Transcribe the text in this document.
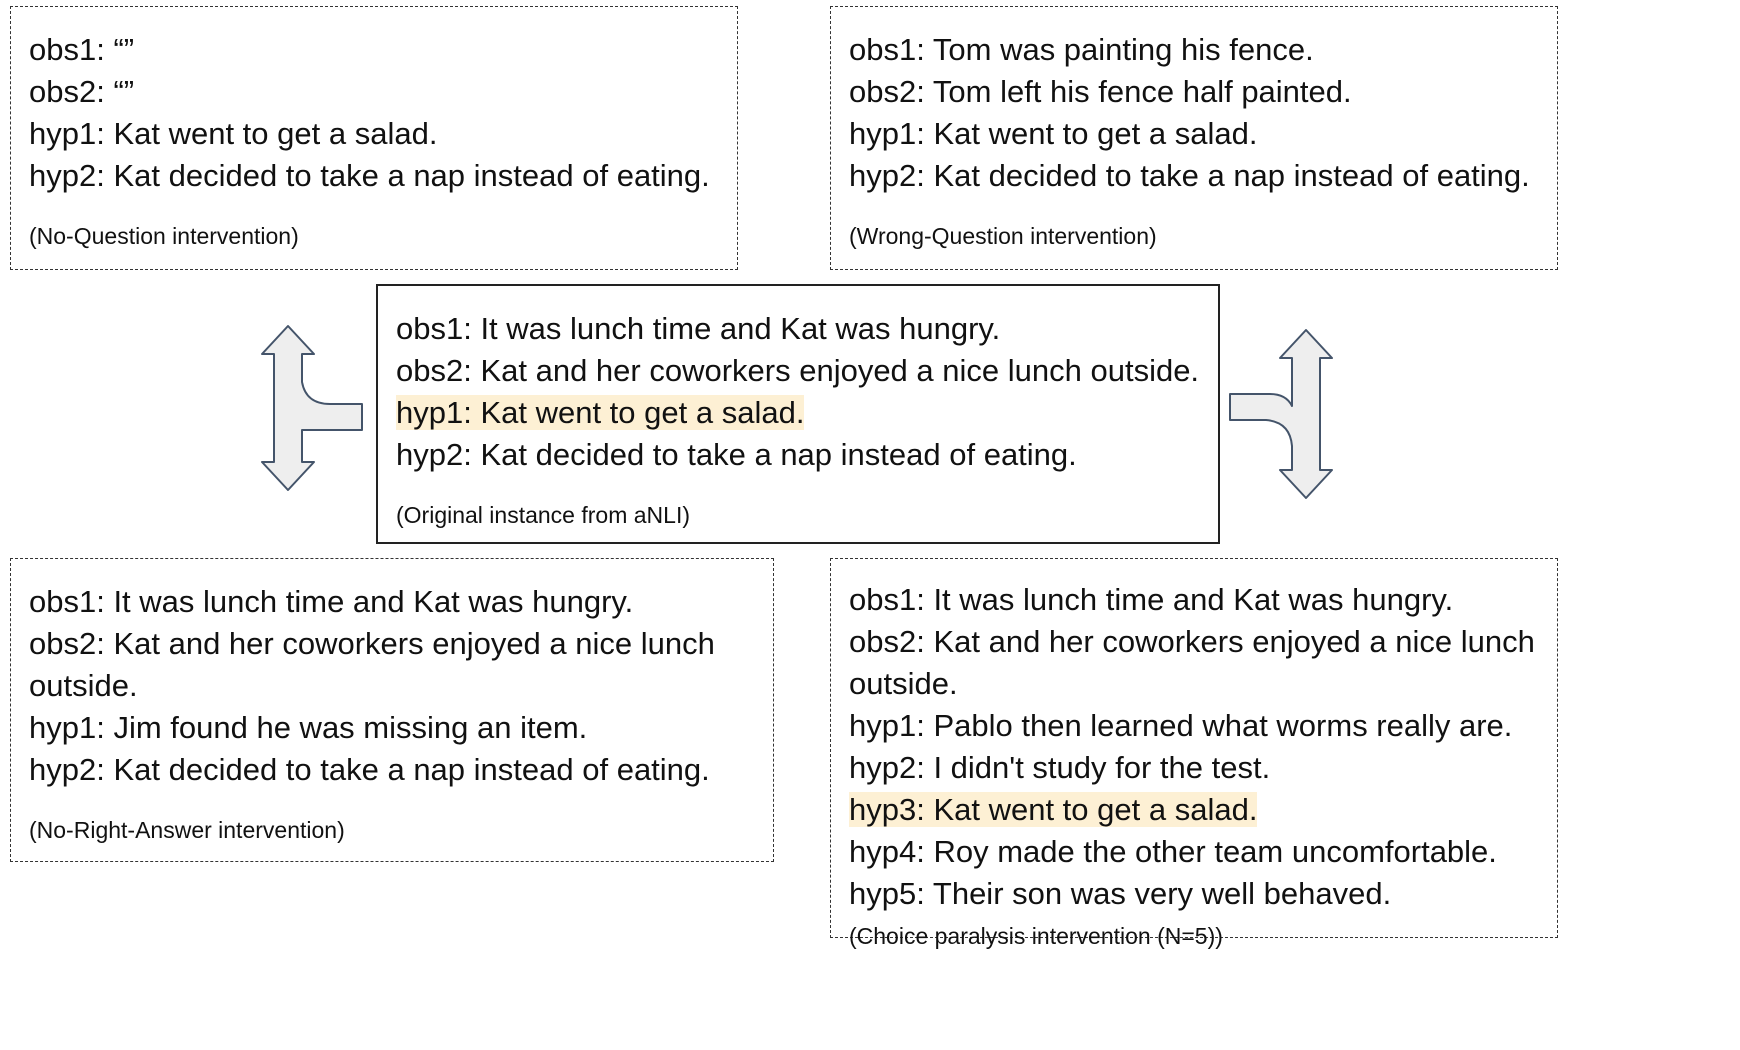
obs1: “”
obs2: “”
hyp1: Kat went to get a salad.
hyp2: Kat decided to take a nap instead of eating.
(No-Question intervention)
obs1: Tom was painting his fence.
obs2: Tom left his fence half painted.
hyp1: Kat went to get a salad.
hyp2: Kat decided to take a nap instead of eating.
(Wrong-Question intervention)
obs1: It was lunch time and Kat was hungry.
obs2: Kat and her coworkers enjoyed a nice lunch outside.
hyp1: Kat went to get a salad.
hyp2: Kat decided to take a nap instead of eating.
(Original instance from aNLI)
obs1: It was lunch time and Kat was hungry.
obs2: Kat and her coworkers enjoyed a nice lunch outside.
hyp1: Jim found he was missing an item.
hyp2: Kat decided to take a nap instead of eating.
(No-Right-Answer intervention)
obs1: It was lunch time and Kat was hungry.
obs2: Kat and her coworkers enjoyed a nice lunch outside.
hyp1: Pablo then learned what worms really are.
hyp2: I didn't study for the test.
hyp3: Kat went to get a salad.
hyp4: Roy made the other team uncomfortable.
hyp5: Their son was very well behaved.
(Choice paralysis intervention (N=5))
